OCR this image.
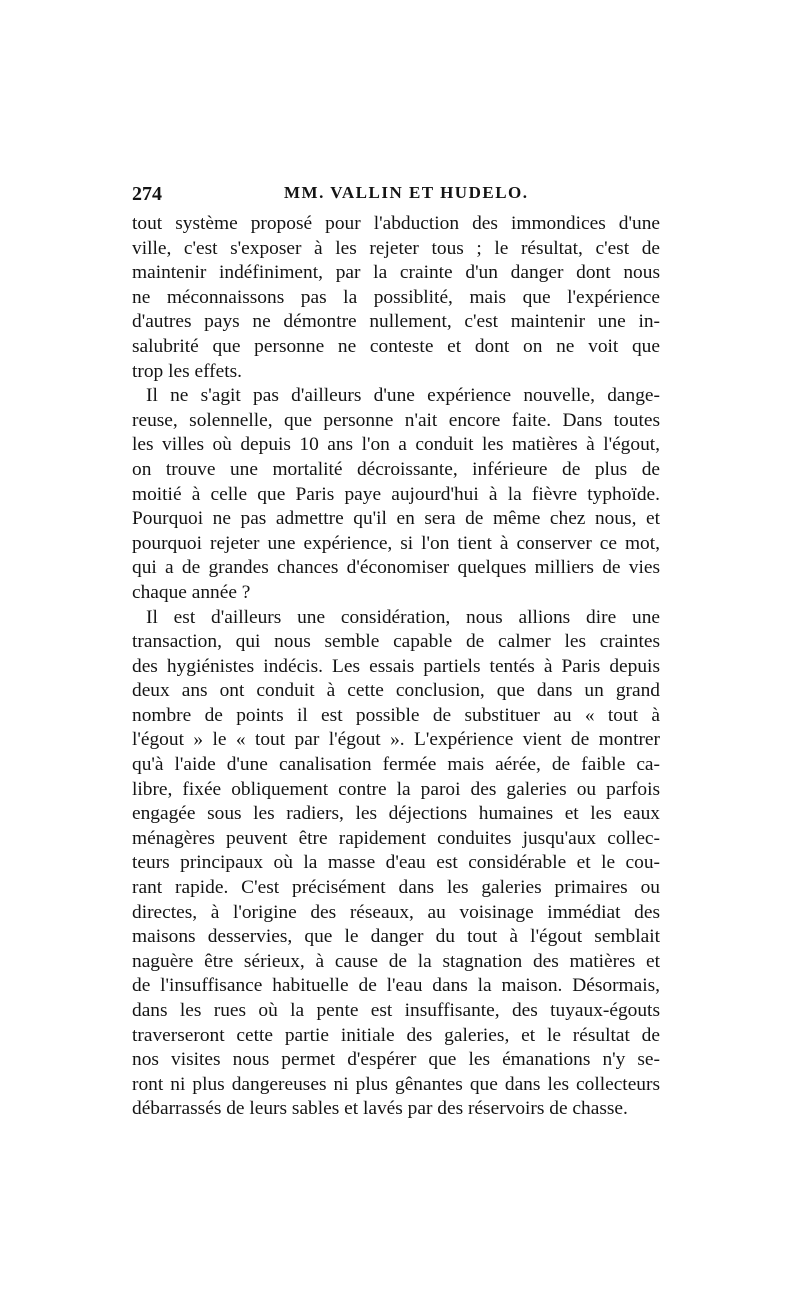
274	MM. VALLIN ET HUDELO.
tout système proposé pour l'abduction des immondices d'une
ville, c'est s'exposer à les rejeter tous ; le résultat, c'est de
maintenir indéfiniment, par la crainte d'un danger dont nous
ne méconnaissons pas la possiblité, mais que l'expérience
d'autres pays ne démontre nullement, c'est maintenir une in-
salubrité que personne ne conteste et dont on ne voit que
trop les effets.
Il ne s'agit pas d'ailleurs d'une expérience nouvelle, dange-
reuse, solennelle, que personne n'ait encore faite. Dans toutes
les villes où depuis 10 ans l'on a conduit les matières à l'égout,
on trouve une mortalité décroissante, inférieure de plus de
moitié à celle que Paris paye aujourd'hui à la fièvre typhoïde.
Pourquoi ne pas admettre qu'il en sera de même chez nous, et
pourquoi rejeter une expérience, si l'on tient à conserver ce mot,
qui a de grandes chances d'économiser quelques milliers de vies
chaque année ?
Il est d'ailleurs une considération, nous allions dire une
transaction, qui nous semble capable de calmer les craintes
des hygiénistes indécis. Les essais partiels tentés à Paris depuis
deux ans ont conduit à cette conclusion, que dans un grand
nombre de points il est possible de substituer au « tout à
l'égout » le « tout par l'égout ». L'expérience vient de montrer
qu'à l'aide d'une canalisation fermée mais aérée, de faible ca-
libre, fixée obliquement contre la paroi des galeries ou parfois
engagée sous les radiers, les déjections humaines et les eaux
ménagères peuvent être rapidement conduites jusqu'aux collec-
teurs principaux où la masse d'eau est considérable et le cou-
rant rapide. C'est précisément dans les galeries primaires ou
directes, à l'origine des réseaux, au voisinage immédiat des
maisons desservies, que le danger du tout à l'égout semblait
naguère être sérieux, à cause de la stagnation des matières et
de l'insuffisance habituelle de l'eau dans la maison. Désormais,
dans les rues où la pente est insuffisante, des tuyaux-égouts
traverseront cette partie initiale des galeries, et le résultat de
nos visites nous permet d'espérer que les émanations n'y se-
ront ni plus dangereuses ni plus gênantes que dans les collecteurs
débarrassés de leurs sables et lavés par des réservoirs de chasse.
